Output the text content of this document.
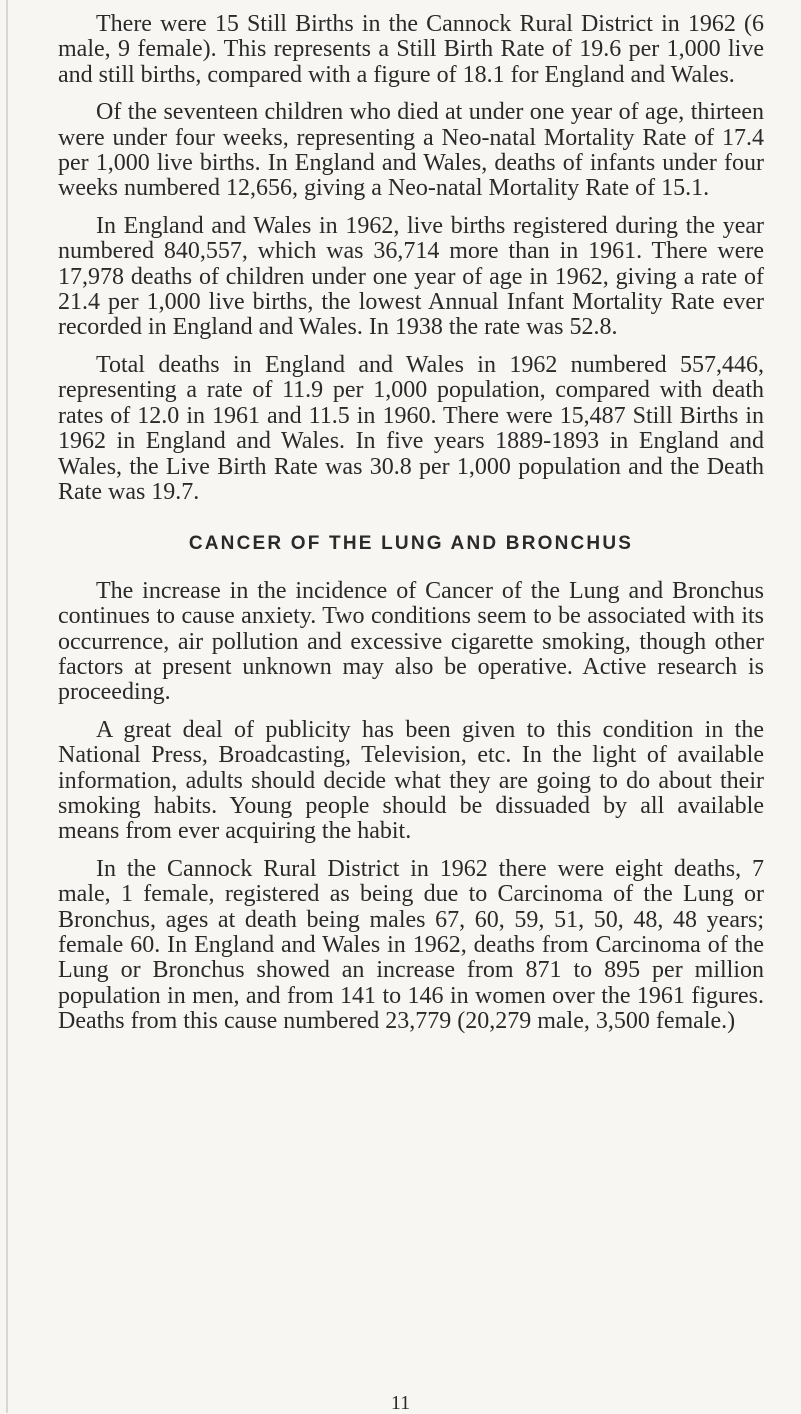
There were 15 Still Births in the Cannock Rural District in 1962 (6 male, 9 female). This represents a Still Birth Rate of 19.6 per 1,000 live and still births, compared with a figure of 18.1 for England and Wales.

Of the seventeen children who died at under one year of age, thirteen were under four weeks, representing a Neo-natal Mortality Rate of 17.4 per 1,000 live births. In England and Wales, deaths of infants under four weeks numbered 12,656, giving a Neo-natal Mortality Rate of 15.1.

In England and Wales in 1962, live births registered during the year numbered 840,557, which was 36,714 more than in 1961. There were 17,978 deaths of children under one year of age in 1962, giving a rate of 21.4 per 1,000 live births, the lowest Annual Infant Mortality Rate ever recorded in England and Wales. In 1938 the rate was 52.8.

Total deaths in England and Wales in 1962 numbered 557,446, representing a rate of 11.9 per 1,000 population, compared with death rates of 12.0 in 1961 and 11.5 in 1960. There were 15,487 Still Births in 1962 in England and Wales. In five years 1889-1893 in England and Wales, the Live Birth Rate was 30.8 per 1,000 population and the Death Rate was 19.7.

CANCER OF THE LUNG AND BRONCHUS

The increase in the incidence of Cancer of the Lung and Bronchus continues to cause anxiety. Two conditions seem to be associated with its occurrence, air pollution and excessive cigarette smoking, though other factors at present unknown may also be operative. Active research is proceeding.

A great deal of publicity has been given to this condition in the National Press, Broadcasting, Television, etc. In the light of available information, adults should decide what they are going to do about their smoking habits. Young people should be dissuaded by all available means from ever acquiring the habit.

In the Cannock Rural District in 1962 there were eight deaths, 7 male, 1 female, registered as being due to Carcinoma of the Lung or Bronchus, ages at death being males 67, 60, 59, 51, 50, 48, 48 years; female 60. In England and Wales in 1962, deaths from Carcinoma of the Lung or Bronchus showed an increase from 871 to 895 per million population in men, and from 141 to 146 in women over the 1961 figures. Deaths from this cause numbered 23,779 (20,279 male, 3,500 female.)

11
